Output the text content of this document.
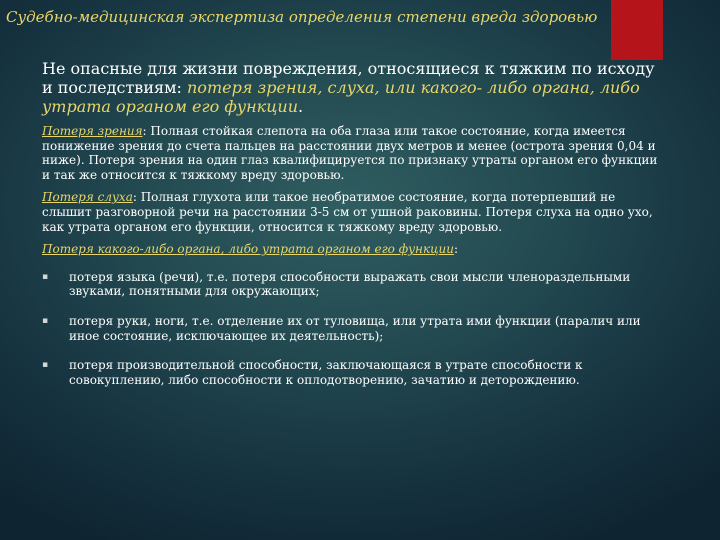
Судебно-медицинская экспертиза определения степени вреда здоровью

Не опасные для жизни повреждения, относящиеся к тяжким по исходу и последствиям: потеря зрения, слуха, или какого- либо органа, либо утрата органом его функции.

Потеря зрения: Полная стойкая слепота на оба глаза или такое состояние, когда имеется понижение зрения до счета пальцев на расстоянии двух метров и менее (острота зрения 0,04 и ниже). Потеря зрения на один глаз квалифицируется по признаку утраты органом его функции и так же относится к тяжкому вреду здоровью.

Потеря слуха: Полная глухота или такое необратимое состояние, когда потерпевший не слышит разговорной речи на расстоянии 3-5 см от ушной раковины. Потеря слуха на одно ухо, как утрата органом его функции, относится к тяжкому вреду здоровью.

Потеря какого-либо органа, либо утрата органом его функции:

▪ потеря языка (речи), т.е. потеря способности выражать свои мысли членораздельными звуками, понятными для окружающих;
▪ потеря руки, ноги, т.е. отделение их от туловища, или утрата ими функции (паралич или иное состояние, исключающее их деятельность);
▪ потеря производительной способности, заключающаяся в утрате способности к совокуплению, либо способности к оплодотворению, зачатию и деторождению.
